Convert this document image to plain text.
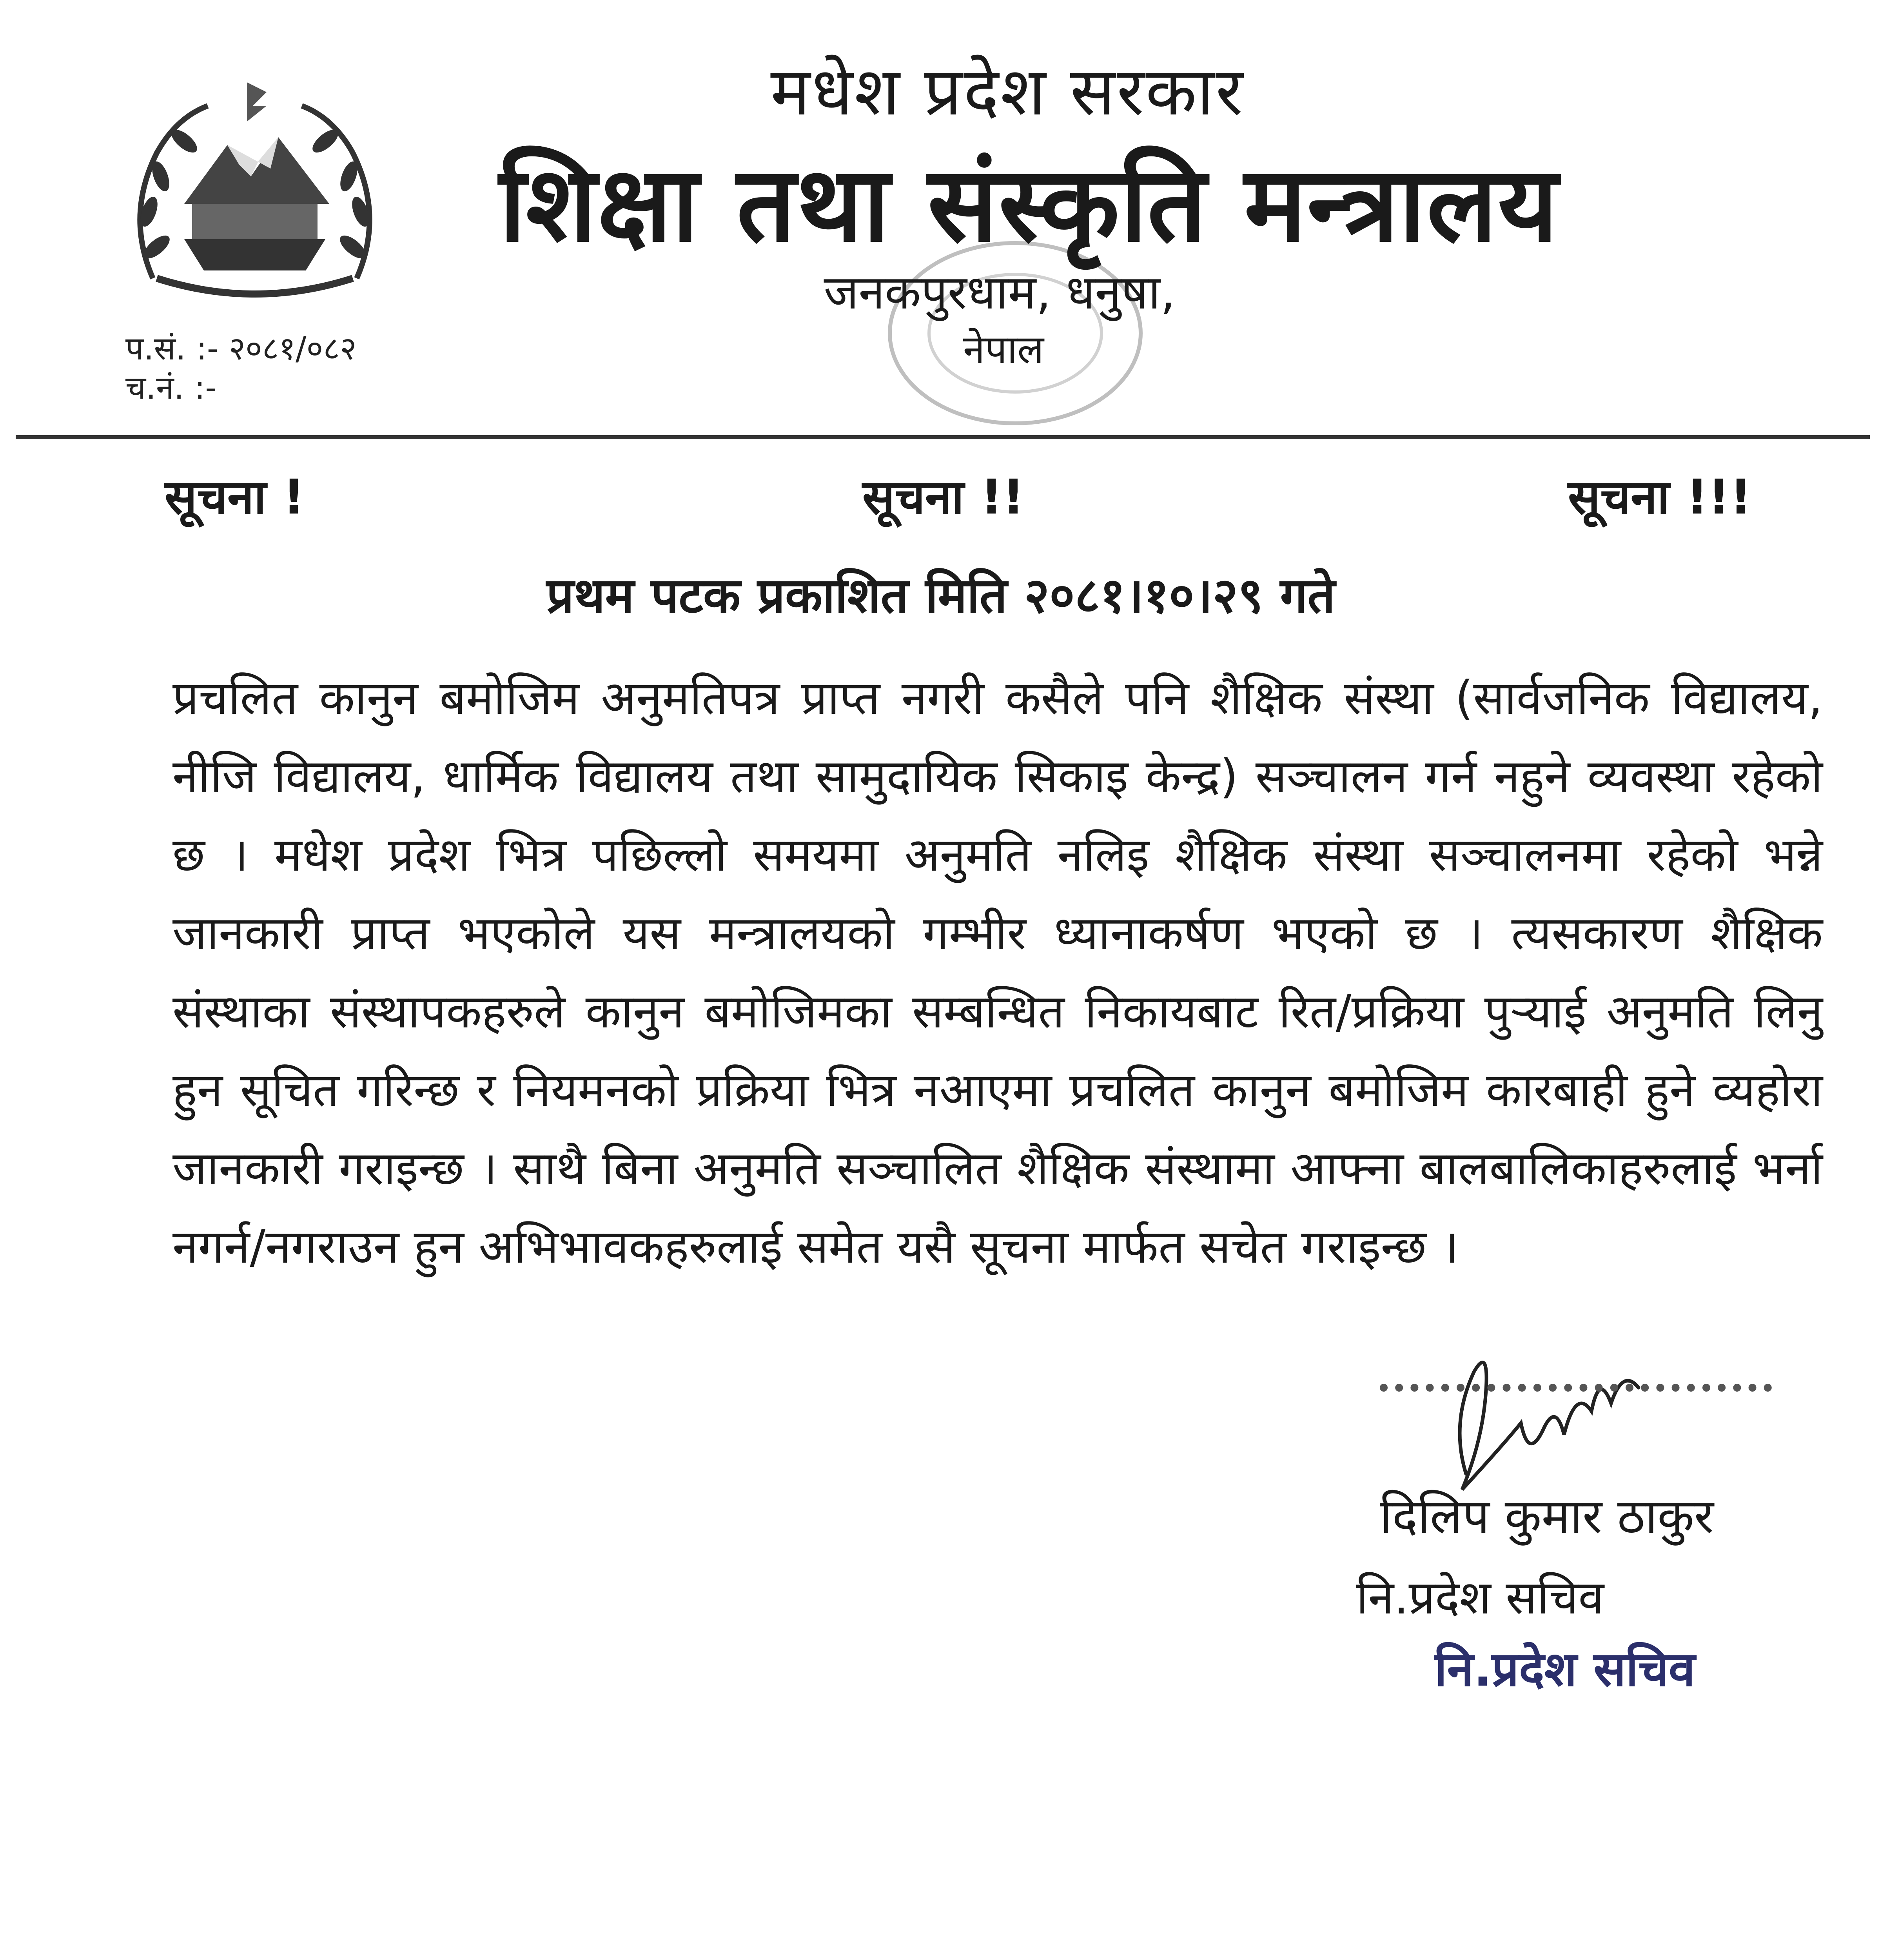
मधेश प्रदेश सरकार
शिक्षा तथा संस्कृति मन्त्रालय
जनकपुरधाम, धनुषा,
नेपाल
प.सं. :- २०८१/०८२
च.नं. :-
सूचना !	सूचना !!	सूचना !!!
प्रथम पटक प्रकाशित मिति २०८१।१०।२९ गते
प्रचलित कानुन बमोजिम अनुमतिपत्र प्राप्त नगरी कसैले पनि शैक्षिक संस्था (सार्वजनिक विद्यालय, नीजि विद्यालय, धार्मिक विद्यालय तथा सामुदायिक सिकाइ केन्द्र) सञ्चालन गर्न नहुने व्यवस्था रहेको छ । मधेश प्रदेश भित्र पछिल्लो समयमा अनुमति नलिइ शैक्षिक संस्था सञ्चालनमा रहेको भन्ने जानकारी प्राप्त भएकोले यस मन्त्रालयको गम्भीर ध्यानाकर्षण भएको छ । त्यसकारण शैक्षिक संस्थाका संस्थापकहरुले कानुन बमोजिमका सम्बन्धित निकायबाट रित/प्रक्रिया पुऱ्याई अनुमति लिनु हुन सूचित गरिन्छ र नियमनको प्रक्रिया भित्र नआएमा प्रचलित कानुन बमोजिम कारबाही हुने व्यहोरा जानकारी गराइन्छ । साथै बिना अनुमति सञ्चालित शैक्षिक संस्थामा आफ्ना बालबालिकाहरुलाई भर्ना नगर्न/नगराउन हुन अभिभावकहरुलाई समेत यसै सूचना मार्फत सचेत गराइन्छ ।
दिलिप कुमार ठाकुर
नि.प्रदेश सचिव
नि.प्रदेश सचिव
